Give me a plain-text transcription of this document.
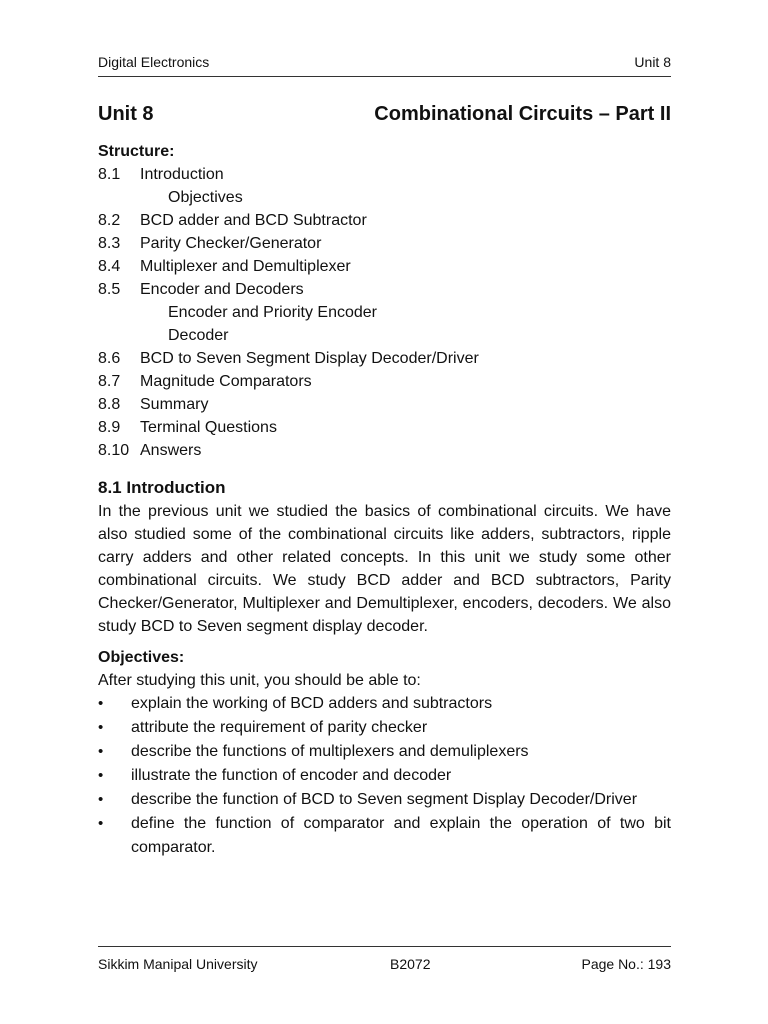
Digital Electronics	Unit 8
Unit 8	Combinational Circuits – Part II
Structure:
8.1	Introduction
Objectives
8.2	BCD adder and BCD Subtractor
8.3	Parity Checker/Generator
8.4	Multiplexer and Demultiplexer
8.5	Encoder and Decoders
Encoder and Priority Encoder
Decoder
8.6	BCD to Seven Segment Display Decoder/Driver
8.7	Magnitude Comparators
8.8	Summary
8.9	Terminal Questions
8.10 Answers
8.1 Introduction
In the previous unit we studied the basics of combinational circuits. We have also studied some of the combinational circuits like adders, subtractors, ripple carry adders and other related concepts. In this unit we study some other combinational circuits. We study BCD adder and BCD subtractors, Parity Checker/Generator, Multiplexer and Demultiplexer, encoders, decoders. We also study BCD to Seven segment display decoder.
Objectives:
After studying this unit, you should be able to:
•	explain the working of BCD adders and subtractors
•	attribute the requirement of parity checker
•	describe the functions of multiplexers and demuliplexers
•	illustrate the function of encoder and decoder
•	describe the function of BCD to Seven segment Display Decoder/Driver
•	define the function of comparator and explain the operation of two bit comparator.
Sikkim Manipal University	B2072	Page No.: 193
